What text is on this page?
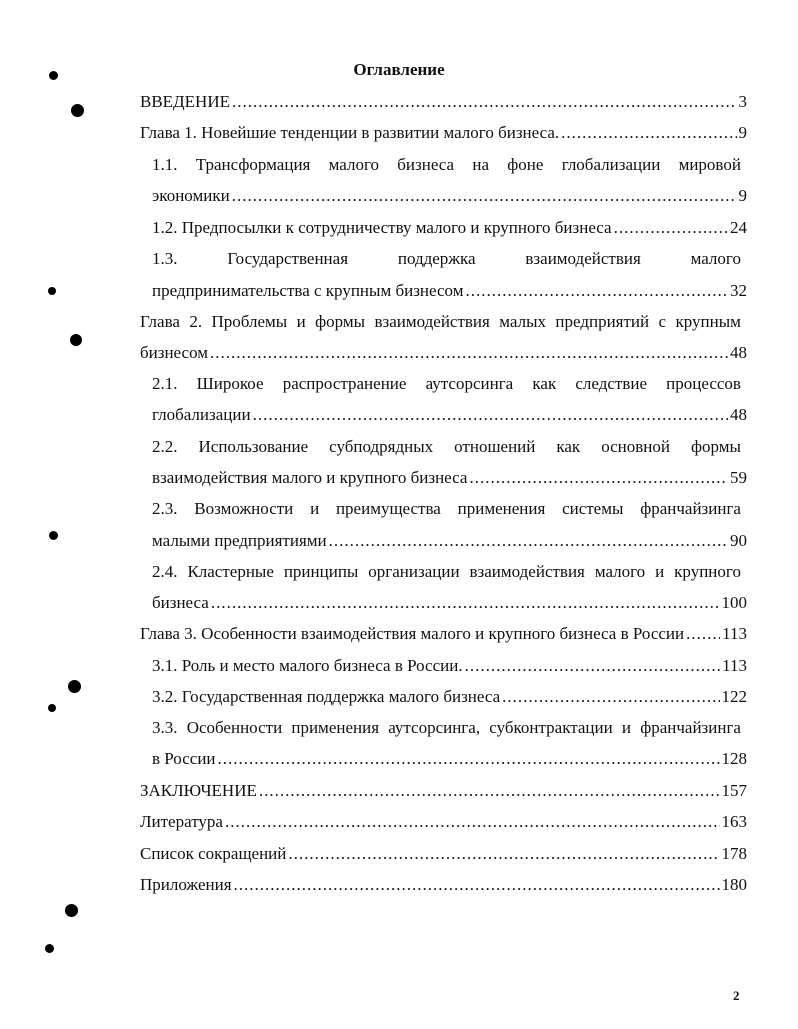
Оглавление
ВВЕДЕНИЕ .....	3
Глава 1. Новейшие тенденции в развитии малого бизнеса. .....	9
1.1. Трансформация малого бизнеса на фоне глобализации мировой
экономики .....	9
1.2. Предпосылки к сотрудничеству малого и крупного бизнеса .....	24
1.3.	Государственная	поддержка	взаимодействия	малого
предпринимательства с крупным бизнесом .....	32
Глава 2. Проблемы и формы взаимодействия малых предприятий с крупным
бизнесом .....	48
2.1. Широкое распространение аутсорсинга как следствие процессов
глобализации .....	48
2.2. Использование субподрядных отношений как основной формы
взаимодействия малого и крупного бизнеса .....	59
2.3. Возможности и преимущества применения системы франчайзинга
малыми предприятиями .....	90
2.4. Кластерные принципы организации взаимодействия малого и крупного
бизнеса .....	100
Глава 3. Особенности взаимодействия малого и крупного бизнеса в России ..... 113
3.1. Роль и место малого бизнеса в России. .....	113
3.2. Государственная поддержка малого бизнеса .....	122
3.3. Особенности применения аутсорсинга, субконтрактации и франчайзинга
в России .....	128
ЗАКЛЮЧЕНИЕ .....	157
Литература .....	163
Список сокращений .....	178
Приложения .....	180
2
